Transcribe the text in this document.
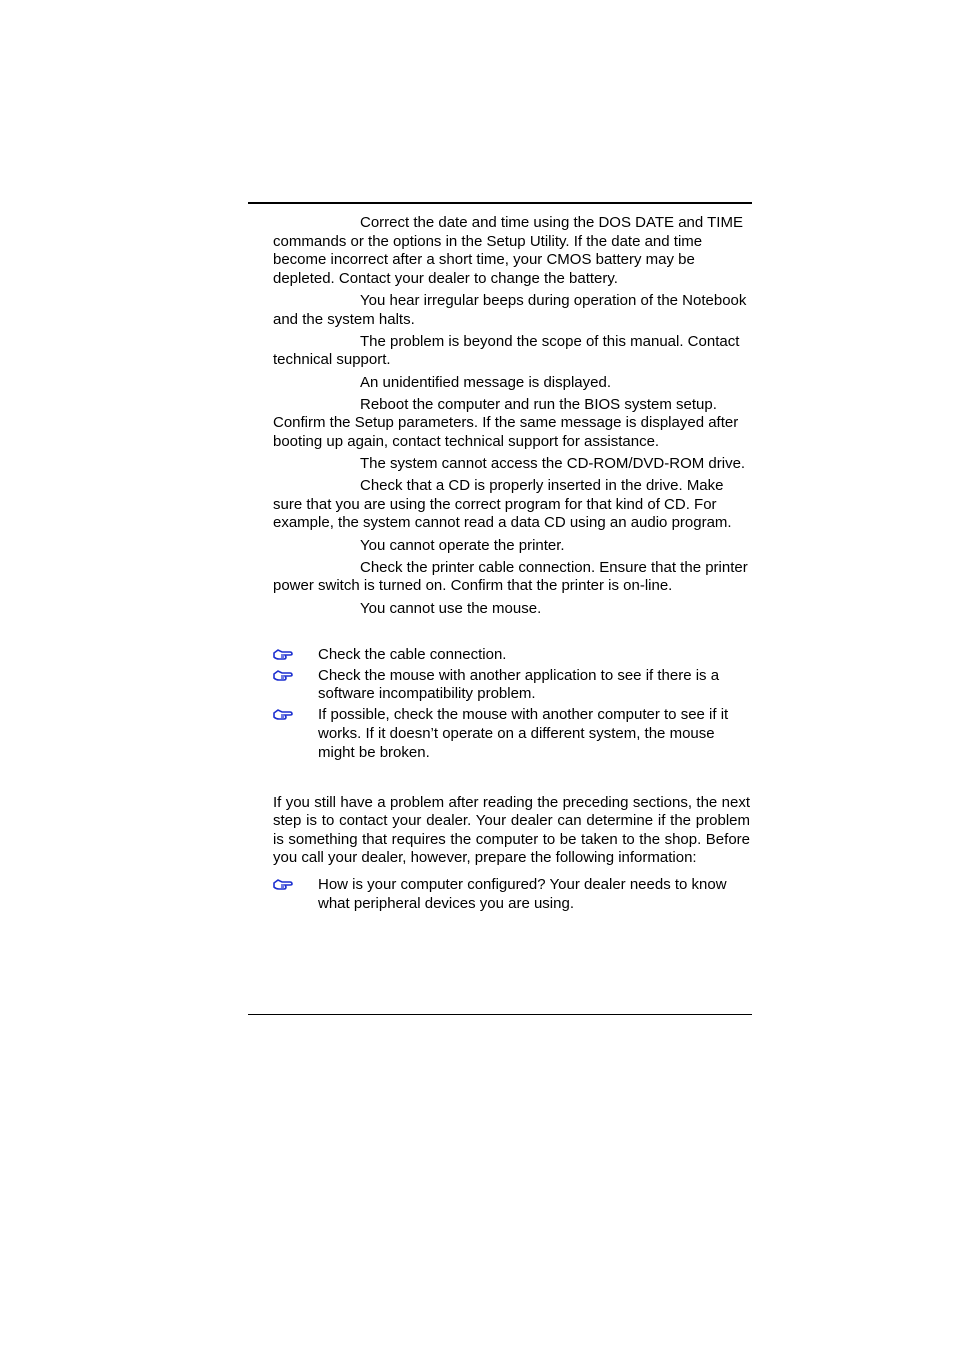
Correct the date and time using the DOS DATE and TIME commands or the options in the Setup Utility. If the date and time become incorrect after a short time, your CMOS battery may be depleted. Contact your dealer to change the battery.

You hear irregular beeps during operation of the Notebook and the system halts.

The problem is beyond the scope of this manual. Contact technical support.

An unidentified message is displayed.

Reboot the computer and run the BIOS system setup. Confirm the Setup parameters. If the same message is displayed after booting up again, contact technical support for assistance.

The system cannot access the CD-ROM/DVD-ROM drive.

Check that a CD is properly inserted in the drive. Make sure that you are using the correct program for that kind of CD. For example, the system cannot read a data CD using an audio program.

You cannot operate the printer.

Check the printer cable connection. Ensure that the printer power switch is turned on. Confirm that the printer is on-line.

You cannot use the mouse.

Check the cable connection.
Check the mouse with another application to see if there is a software incompatibility problem.
If possible, check the mouse with another computer to see if it works. If it doesn’t operate on a different system, the mouse might be broken.

If you still have a problem after reading the preceding sections, the next step is to contact your dealer. Your dealer can determine if the problem is something that requires the computer to be taken to the shop. Before you call your dealer, however, prepare the following information:

How is your computer configured? Your dealer needs to know what peripheral devices you are using.
